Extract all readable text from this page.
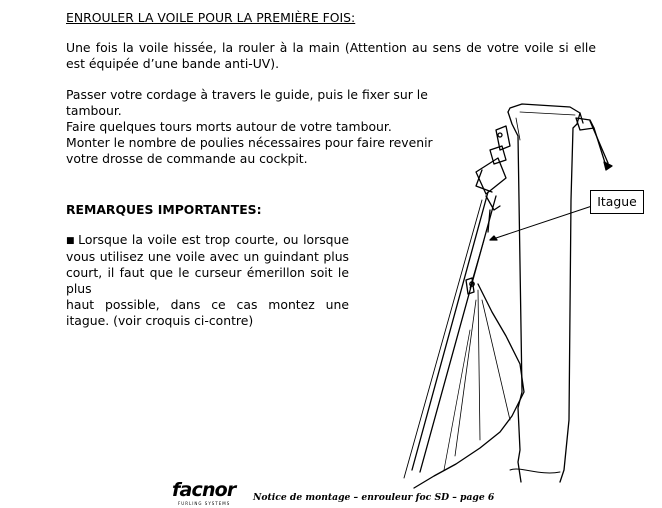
ENROULER LA VOILE POUR LA PREMIÈRE FOIS:
Une fois la voile hissée, la rouler à la main (Attention au sens de votre voile si elle est équipée d’une bande anti-UV).
Passer votre cordage à travers le guide, puis le fixer sur le tambour.
Faire quelques tours morts autour de votre tambour.
Monter le nombre de poulies nécessaires pour faire revenir
votre drosse de commande au cockpit.
REMARQUES IMPORTANTES:
■ Lorsque la voile est trop courte, ou lorsque
vous utilisez une voile avec un guindant plus
court, il faut que le curseur émerillon soit le plus
haut possible, dans ce cas montez une
itague. (voir croquis ci-contre)
Itague
facnor
FURLING SYSTEMS
Notice de montage – enrouleur foc SD – page 6
